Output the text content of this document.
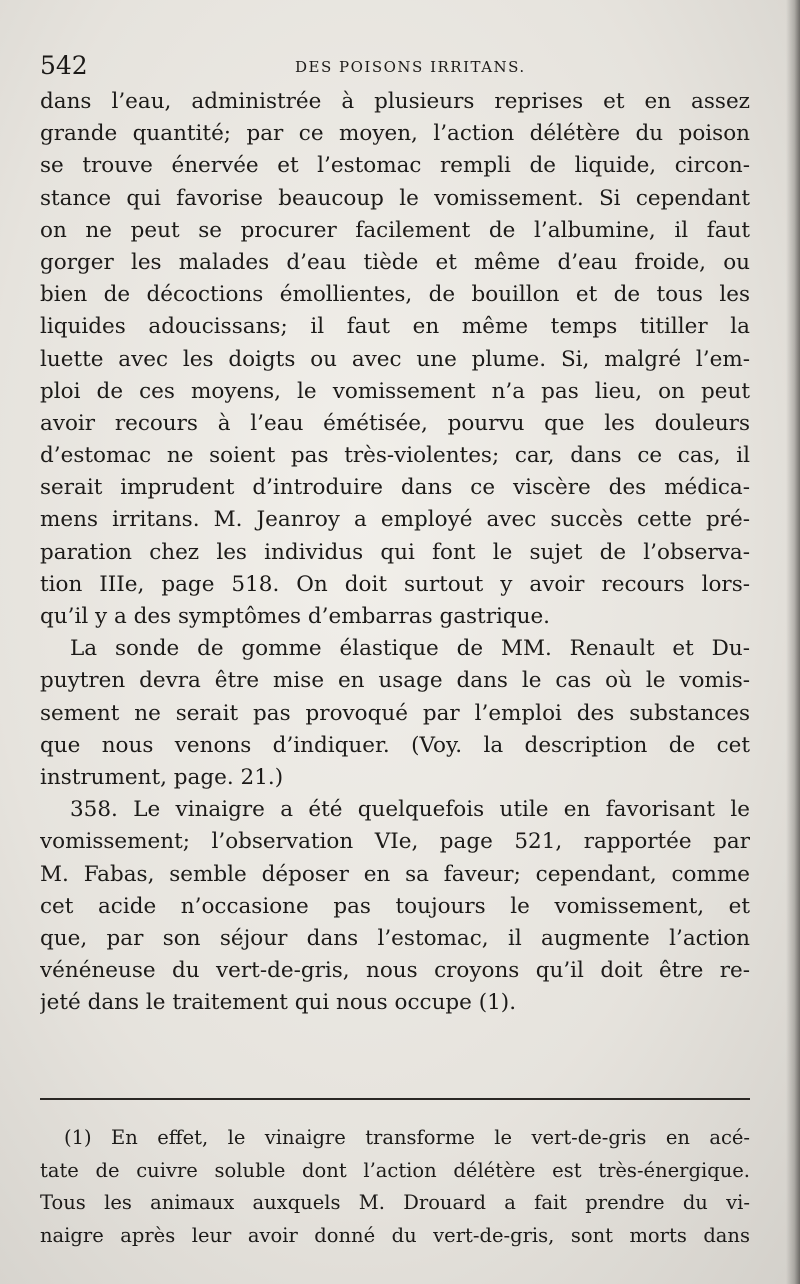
542	DES POISONS IRRITANS.
dans l’eau, administrée à plusieurs reprises et en assez
grande quantité; par ce moyen, l’action délétère du poison
se trouve énervée et l’estomac rempli de liquide, circon-
stance qui favorise beaucoup le vomissement. Si cependant
on ne peut se procurer facilement de l’albumine, il faut
gorger les malades d’eau tiède et même d’eau froide, ou
bien de décoctions émollientes, de bouillon et de tous les
liquides adoucissans; il faut en même temps titiller la
luette avec les doigts ou avec une plume. Si, malgré l’em-
ploi de ces moyens, le vomissement n’a pas lieu, on peut
avoir recours à l’eau émétisée, pourvu que les douleurs
d’estomac ne soient pas très-violentes; car, dans ce cas, il
serait imprudent d’introduire dans ce viscère des médica-
mens irritans. M. Jeanroy a employé avec succès cette pré-
paration chez les individus qui font le sujet de l’observa-
tion IIIe, page 518. On doit surtout y avoir recours lors-
qu’il y a des symptômes d’embarras gastrique.
La sonde de gomme élastique de MM. Renault et Du-
puytren devra être mise en usage dans le cas où le vomis-
sement ne serait pas provoqué par l’emploi des substances
que nous venons d’indiquer. (Voy. la description de cet
instrument, page. 21.)
358. Le vinaigre a été quelquefois utile en favorisant le
vomissement; l’observation VIe, page 521, rapportée par
M. Fabas, semble déposer en sa faveur; cependant, comme
cet acide n’occasione pas toujours le vomissement, et
que, par son séjour dans l’estomac, il augmente l’action
vénéneuse du vert-de-gris, nous croyons qu’il doit être re-
jeté dans le traitement qui nous occupe (1).
(1) En effet, le vinaigre transforme le vert-de-gris en acé-
tate de cuivre soluble dont l’action délétère est très-énergique.
Tous les animaux auxquels M. Drouard a fait prendre du vi-
naigre après leur avoir donné du vert-de-gris, sont morts dans
